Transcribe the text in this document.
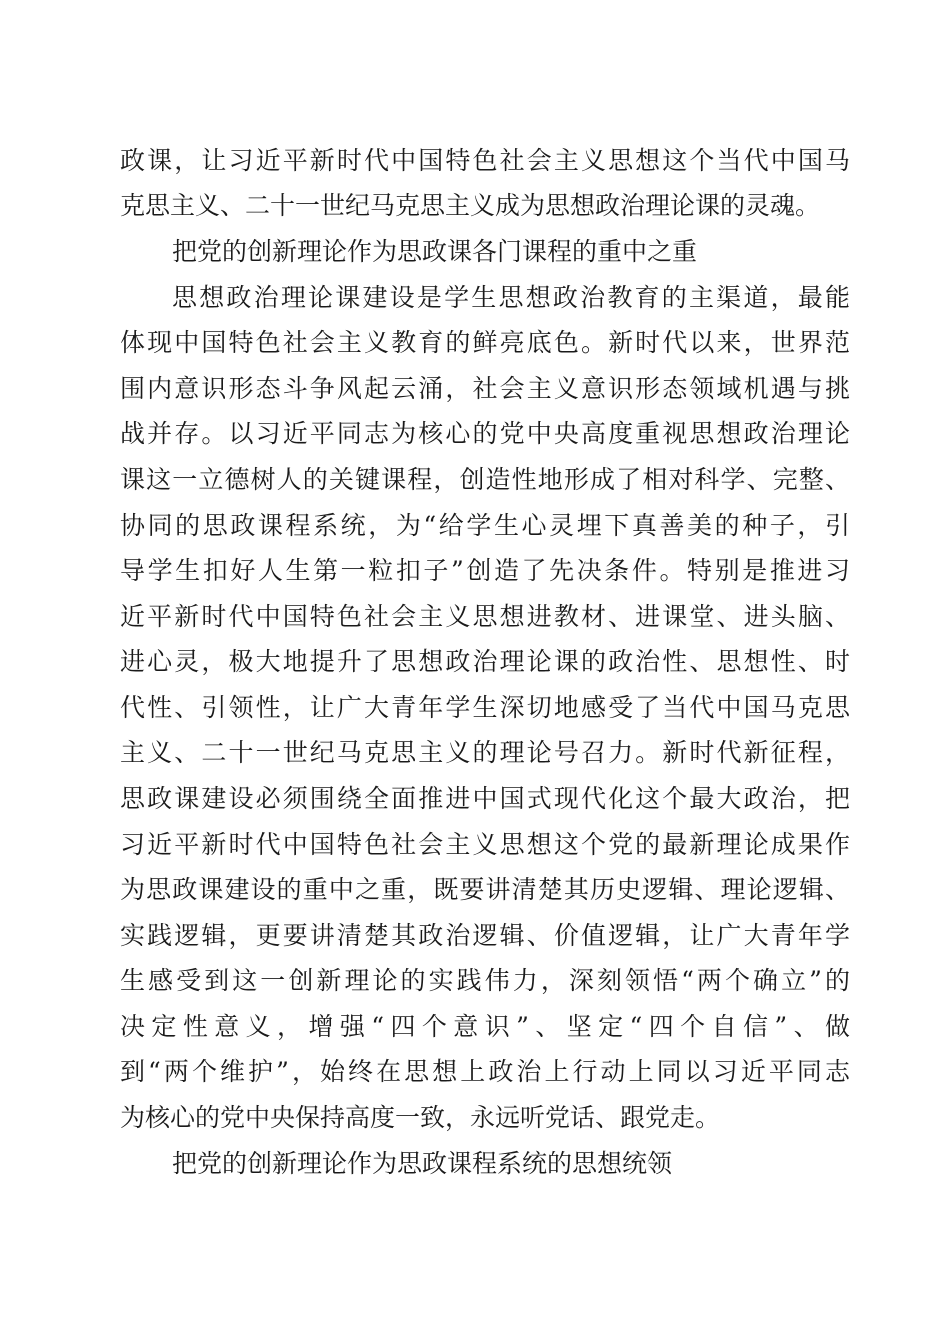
政课，让习近平新时代中国特色社会主义思想这个当代中国马
克思主义、二十一世纪马克思主义成为思想政治理论课的灵魂。
把党的创新理论作为思政课各门课程的重中之重
思想政治理论课建设是学生思想政治教育的主渠道，最能
体现中国特色社会主义教育的鲜亮底色。新时代以来，世界范
围内意识形态斗争风起云涌，社会主义意识形态领域机遇与挑
战并存。以习近平同志为核心的党中央高度重视思想政治理论
课这一立德树人的关键课程，创造性地形成了相对科学、完整、
协同的思政课程系统，为“给学生心灵埋下真善美的种子，引
导学生扣好人生第一粒扣子”创造了先决条件。特别是推进习
近平新时代中国特色社会主义思想进教材、进课堂、进头脑、
进心灵，极大地提升了思想政治理论课的政治性、思想性、时
代性、引领性，让广大青年学生深切地感受了当代中国马克思
主义、二十一世纪马克思主义的理论号召力。新时代新征程，
思政课建设必须围绕全面推进中国式现代化这个最大政治，把
习近平新时代中国特色社会主义思想这个党的最新理论成果作
为思政课建设的重中之重，既要讲清楚其历史逻辑、理论逻辑、
实践逻辑，更要讲清楚其政治逻辑、价值逻辑，让广大青年学
生感受到这一创新理论的实践伟力，深刻领悟“两个确立”的
决定性意义，增强“四个意识”、坚定“四个自信”、做
到“两个维护”，始终在思想上政治上行动上同以习近平同志
为核心的党中央保持高度一致，永远听党话、跟党走。
把党的创新理论作为思政课程系统的思想统领
